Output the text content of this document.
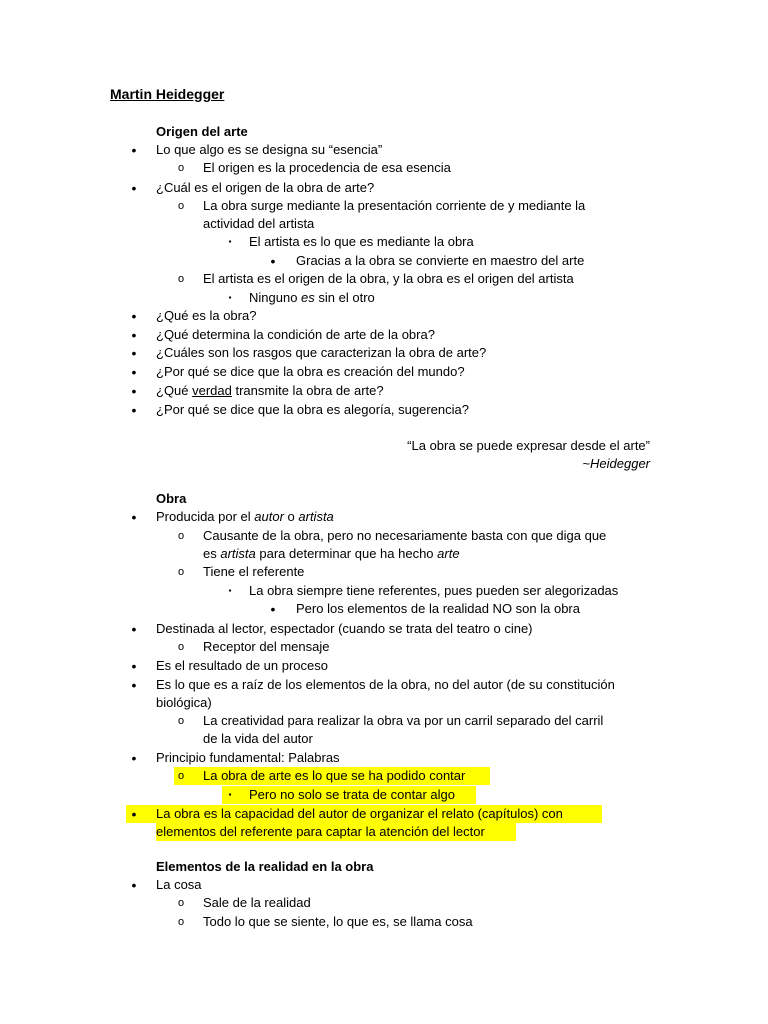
Martin Heidegger
Origen del arte
•	Lo que algo es se designa su “esencia”
o	El origen es la procedencia de esa esencia
•	¿Cuál es el origen de la obra de arte?
o	La obra surge mediante la presentación corriente de y mediante la
actividad del artista
▪	El artista es lo que es mediante la obra
•	Gracias a la obra se convierte en maestro del arte
o	El artista es el origen de la obra, y la obra es el origen del artista
▪	Ninguno es sin el otro
•	¿Qué es la obra?
•	¿Qué determina la condición de arte de la obra?
•	¿Cuáles son los rasgos que caracterizan la obra de arte?
•	¿Por qué se dice que la obra es creación del mundo?
•	¿Qué verdad transmite la obra de arte?
•	¿Por qué se dice que la obra es alegoría, sugerencia?
“La obra se puede expresar desde el arte”
~Heidegger
Obra
•	Producida por el autor o artista
o	Causante de la obra, pero no necesariamente basta con que diga que
es artista para determinar que ha hecho arte
o	Tiene el referente
▪	La obra siempre tiene referentes, pues pueden ser alegorizadas
•	Pero los elementos de la realidad NO son la obra
•	Destinada al lector, espectador (cuando se trata del teatro o cine)
o	Receptor del mensaje
•	Es el resultado de un proceso
•	Es lo que es a raíz de los elementos de la obra, no del autor (de su constitución
biológica)
o	La creatividad para realizar la obra va por un carril separado del carril
de la vida del autor
•	Principio fundamental: Palabras
o	La obra de arte es lo que se ha podido contar
▪	Pero no solo se trata de contar algo
•	La obra es la capacidad del autor de organizar el relato (capítulos) con
elementos del referente para captar la atención del lector
Elementos de la realidad en la obra
•	La cosa
o	Sale de la realidad
o	Todo lo que se siente, lo que es, se llama cosa
